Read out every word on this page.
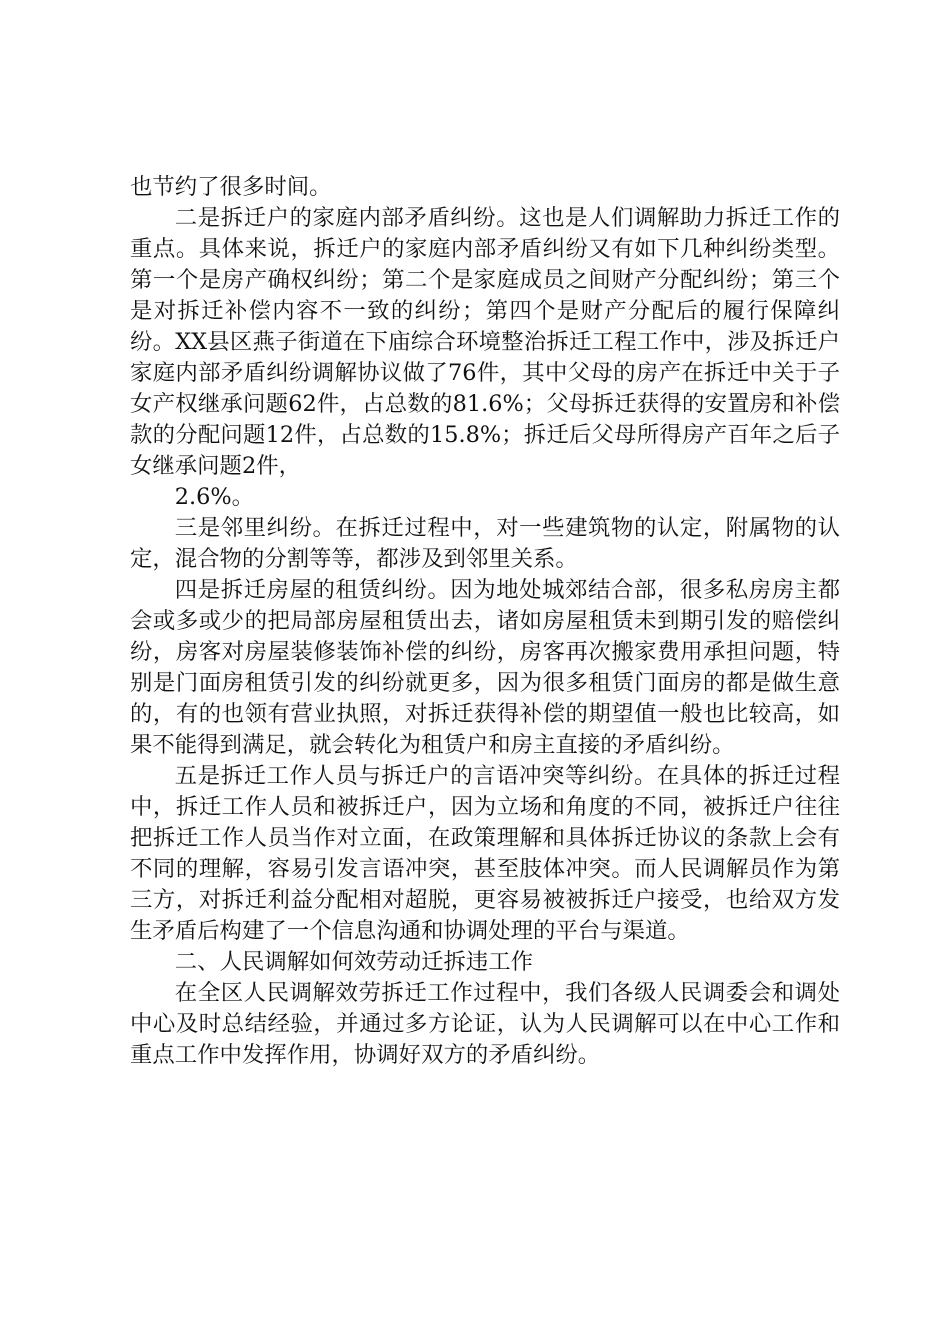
也节约了很多时间。

二是拆迁户的家庭内部矛盾纠纷。这也是人们调解助力拆迁工作的重点。具体来说，拆迁户的家庭内部矛盾纠纷又有如下几种纠纷类型。第一个是房产确权纠纷；第二个是家庭成员之间财产分配纠纷；第三个是对拆迁补偿内容不一致的纠纷；第四个是财产分配后的履行保障纠纷。XX县区燕子街道在下庙综合环境整治拆迁工程工作中，涉及拆迁户家庭内部矛盾纠纷调解协议做了76件，其中父母的房产在拆迁中关于子女产权继承问题62件，占总数的81.6%；父母拆迁获得的安置房和补偿款的分配问题12件，占总数的15.8%；拆迁后父母所得房产百年之后子女继承问题2件，

2.6%。

三是邻里纠纷。在拆迁过程中，对一些建筑物的认定，附属物的认定，混合物的分割等等，都涉及到邻里关系。

四是拆迁房屋的租赁纠纷。因为地处城郊结合部，很多私房房主都会或多或少的把局部房屋租赁出去，诸如房屋租赁未到期引发的赔偿纠纷，房客对房屋装修装饰补偿的纠纷，房客再次搬家费用承担问题，特别是门面房租赁引发的纠纷就更多，因为很多租赁门面房的都是做生意的，有的也领有营业执照，对拆迁获得补偿的期望值一般也比较高，如果不能得到满足，就会转化为租赁户和房主直接的矛盾纠纷。

五是拆迁工作人员与拆迁户的言语冲突等纠纷。在具体的拆迁过程中，拆迁工作人员和被拆迁户，因为立场和角度的不同，被拆迁户往往把拆迁工作人员当作对立面，在政策理解和具体拆迁协议的条款上会有不同的理解，容易引发言语冲突，甚至肢体冲突。而人民调解员作为第三方，对拆迁利益分配相对超脱，更容易被被拆迁户接受，也给双方发生矛盾后构建了一个信息沟通和协调处理的平台与渠道。

二、人民调解如何效劳动迁拆违工作

在全区人民调解效劳拆迁工作过程中，我们各级人民调委会和调处中心及时总结经验，并通过多方论证，认为人民调解可以在中心工作和重点工作中发挥作用，协调好双方的矛盾纠纷。
